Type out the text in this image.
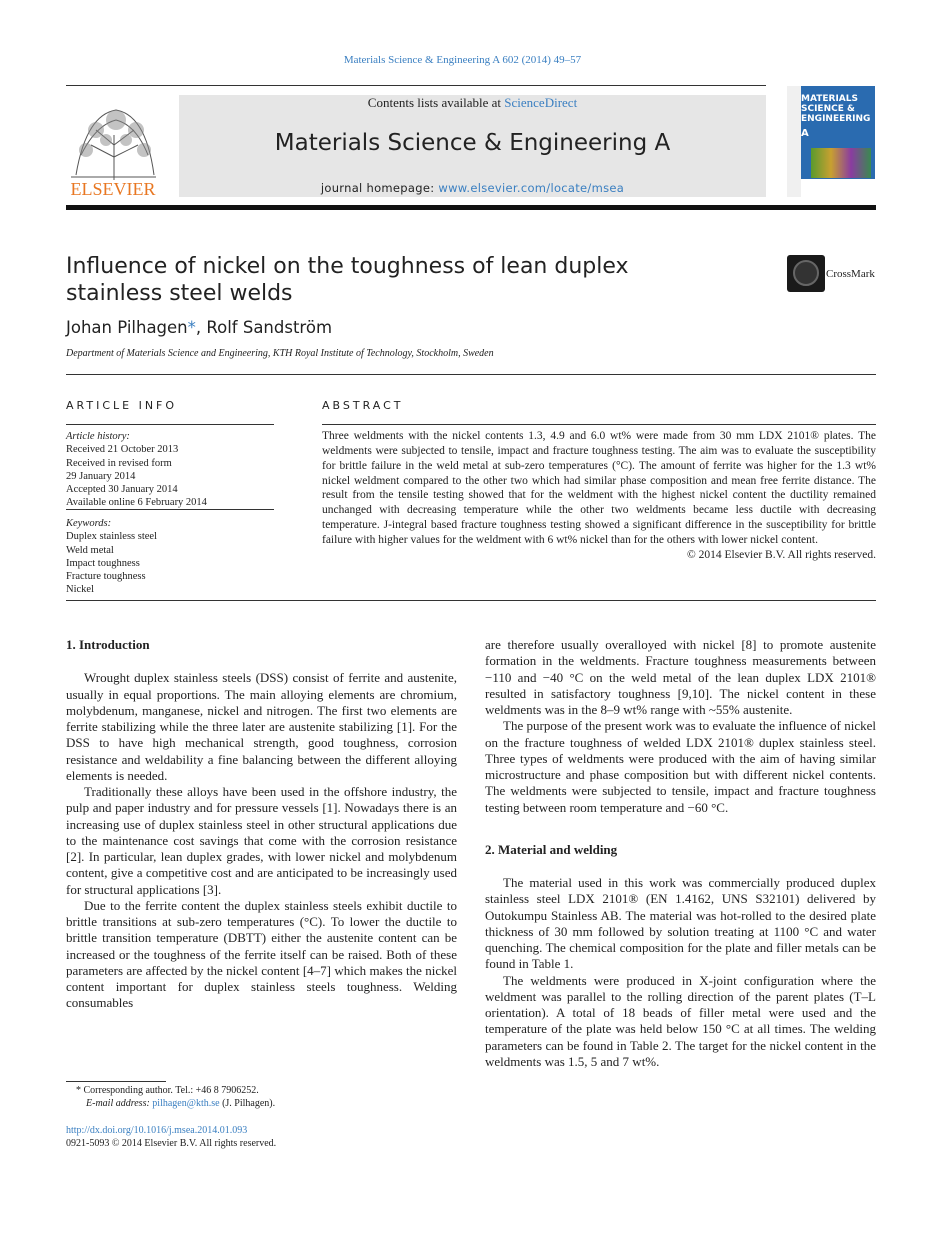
Materials Science & Engineering A 602 (2014) 49–57
ELSEVIER
Contents lists available at ScienceDirect
Materials Science & Engineering A
journal homepage: www.elsevier.com/locate/msea
MATERIALS SCIENCE & ENGINEERING
A
Influence of nickel on the toughness of lean duplex stainless steel welds
CrossMark
Johan Pilhagen*, Rolf Sandström
Department of Materials Science and Engineering, KTH Royal Institute of Technology, Stockholm, Sweden
ARTICLE INFO
Article history:
Received 21 October 2013
Received in revised form
29 January 2014
Accepted 30 January 2014
Available online 6 February 2014
Keywords:
Duplex stainless steel
Weld metal
Impact toughness
Fracture toughness
Nickel
ABSTRACT
Three weldments with the nickel contents 1.3, 4.9 and 6.0 wt% were made from 30 mm LDX 2101® plates. The weldments were subjected to tensile, impact and fracture toughness testing. The aim was to evaluate the susceptibility for brittle failure in the weld metal at sub-zero temperatures (°C). The amount of ferrite was higher for the 1.3 wt% nickel weldment compared to the other two which had similar phase composition and mean free ferrite distance. The result from the tensile testing showed that for the weldment with the highest nickel content the ductility remained unchanged with decreasing temperature while the other two weldments became less ductile with decreasing temperature. J-integral based fracture toughness testing showed a significant difference in the susceptibility for brittle failure with higher values for the weldment with 6 wt% nickel than for the others with lower nickel content.
© 2014 Elsevier B.V. All rights reserved.
1. Introduction

Wrought duplex stainless steels (DSS) consist of ferrite and austenite, usually in equal proportions. The main alloying elements are chromium, molybdenum, manganese, nickel and nitrogen. The first two elements are ferrite stabilizing while the three later are austenite stabilizing [1]. For the DSS to have high mechanical strength, good toughness, corrosion resistance and weldability a fine balancing between the different alloying elements is needed.

Traditionally these alloys have been used in the offshore industry, the pulp and paper industry and for pressure vessels [1]. Nowadays there is an increasing use of duplex stainless steel in other structural applications due to the maintenance cost savings that come with the corrosion resistance [2]. In particular, lean duplex grades, with lower nickel and molybdenum content, give a competitive cost and are anticipated to be increasingly used for structural applications [3].

Due to the ferrite content the duplex stainless steels exhibit ductile to brittle transitions at sub-zero temperatures (°C). To lower the ductile to brittle transition temperature (DBTT) either the austenite content can be increased or the toughness of the ferrite itself can be raised. Both of these parameters are affected by the nickel content [4–7] which makes the nickel content important for duplex stainless steels toughness. Welding consumables

are therefore usually overalloyed with nickel [8] to promote austenite formation in the weldments. Fracture toughness measurements between −110 and −40 °C on the weld metal of the lean duplex LDX 2101® resulted in satisfactory toughness [9,10]. The nickel content in these weldments was in the 8–9 wt% range with ~55% austenite.

The purpose of the present work was to evaluate the influence of nickel on the fracture toughness of welded LDX 2101® duplex stainless steel. Three types of weldments were produced with the aim of having similar microstructure and phase composition but with different nickel contents. The weldments were subjected to tensile, impact and fracture toughness testing between room temperature and −60 °C.

2. Material and welding

The material used in this work was commercially produced duplex stainless steel LDX 2101® (EN 1.4162, UNS S32101) delivered by Outokumpu Stainless AB. The material was hot-rolled to the desired plate thickness of 30 mm followed by solution treating at 1100 °C and water quenching. The chemical composition for the plate and filler metals can be found in Table 1.

The weldments were produced in X-joint configuration where the weldment was parallel to the rolling direction of the parent plates (T–L orientation). A total of 18 beads of filler metal were used and the temperature of the plate was held below 150 °C at all times. The welding parameters can be found in Table 2. The target for the nickel content in the weldments was 1.5, 5 and 7 wt%.

* Corresponding author. Tel.: +46 8 7906252.
E-mail address: pilhagen@kth.se (J. Pilhagen).
http://dx.doi.org/10.1016/j.msea.2014.01.093
0921-5093 © 2014 Elsevier B.V. All rights reserved.
